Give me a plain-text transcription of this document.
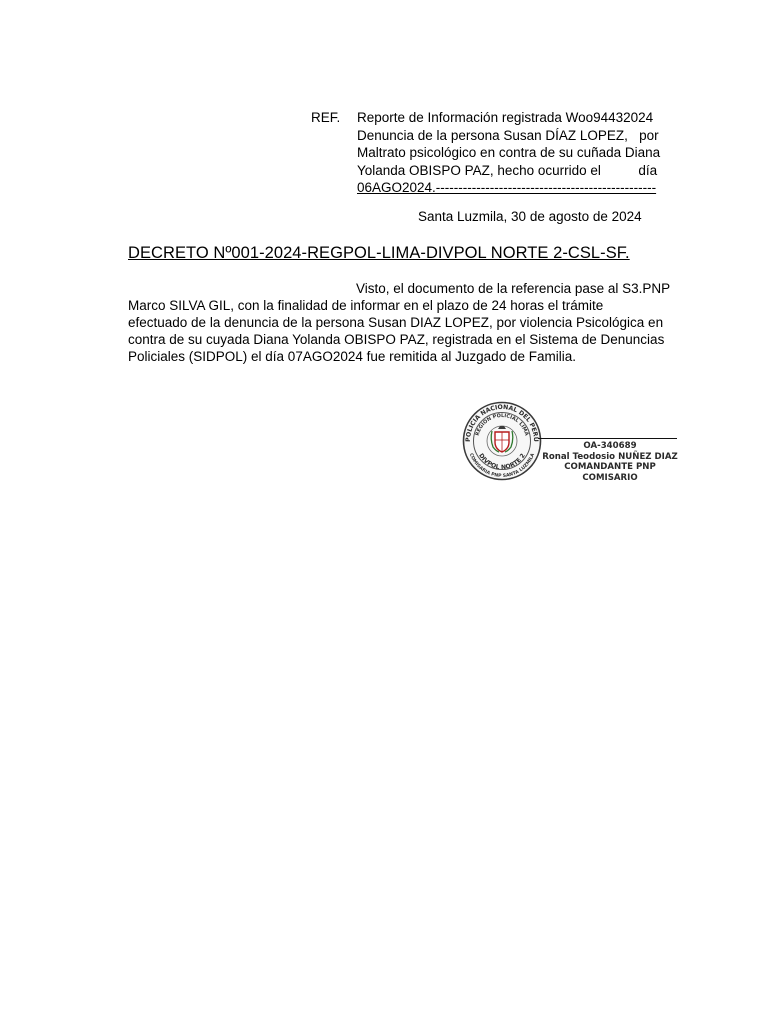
REF. Reporte de Información registrada Woo94432024
Denuncia de la persona Susan DÍAZ LOPEZ,   por
Maltrato psicológico en contra de su cuñada Diana
Yolanda OBISPO PAZ, hecho ocurrido el          día
06AGO2024.-------------------------------------------------
Santa Luzmila, 30 de agosto de 2024
DECRETO Nº001-2024-REGPOL-LIMA-DIVPOL NORTE 2-CSL-SF.
Visto, el documento de la referencia pase al S3.PNP
Marco SILVA GIL, con la finalidad de informar en el plazo de 24 horas el trámite
efectuado de la denuncia de la persona Susan DIAZ LOPEZ, por violencia Psicológica en
contra de su cuyada Diana Yolanda OBISPO PAZ, registrada en el Sistema de Denuncias
Policiales (SIDPOL) el día 07AGO2024 fue remitida al Juzgado de Familia.
POLICIA NACIONAL DEL PERU
REGION POLICIAL LIMA
DIVPOL NORTE 2
COMISARIA PNP SANTA LUZMILA
OA-340689
Ronal Teodosio NUÑEZ DIAZ
COMANDANTE PNP
COMISARIO
